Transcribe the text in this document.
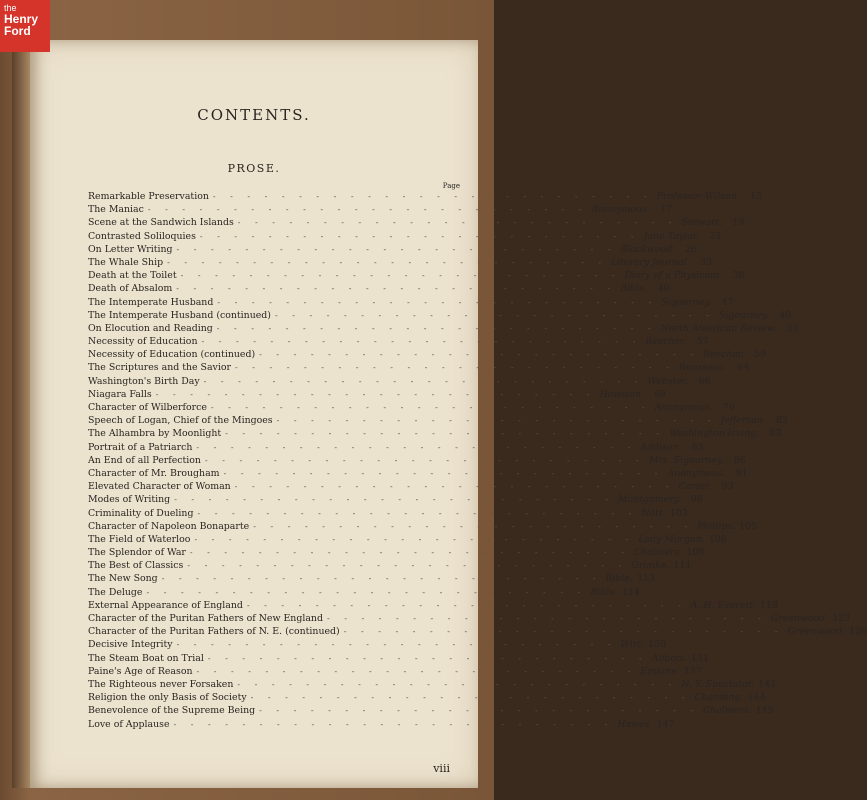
CONTENTS.
PROSE.
Page
Remarkable Preservation - - - - - - - - - - - - - - - - - - - - - - - - - - Professor Wilson.	13
The Maniac - - - - - - - - - - - - - - - - - - - - - - - - - - Anonymous.	17
Scene at the Sandwich Islands - - - - - - - - - - - - - - - - - - - - - - - - - - Stewart.	19
Contrasted Soliloquies - - - - - - - - - - - - - - - - - - - - - - - - - - Jane Taylor.	23
On Letter Writing - - - - - - - - - - - - - - - - - - - - - - - - - - Blackwood.	26
The Whale Ship - - - - - - - - - - - - - - - - - - - - - - - - - - Literary Journal.	33
Death at the Toilet - - - - - - - - - - - - - - - - - - - - - - - - - - Diary of a Physician.	38
Death of Absalom - - - - - - - - - - - - - - - - - - - - - - - - - - Bible.	40
The Intemperate Husband - - - - - - - - - - - - - - - - - - - - - - - - - - Sigourney.	47
The Intemperate Husband (continued) - - - - - - - - - - - - - - - - - - - - - - - - - - Sigourney.	49
On Elocution and Reading - - - - - - - - - - - - - - - - - - - - - - - - - - North American Review.	55
Necessity of Education - - - - - - - - - - - - - - - - - - - - - - - - - - Beecher.	57
Necessity of Education (continued) - - - - - - - - - - - - - - - - - - - - - - - - - - Beecher.	59
The Scriptures and the Savior - - - - - - - - - - - - - - - - - - - - - - - - - - Rousseau.	64
Washington's Birth Day - - - - - - - - - - - - - - - - - - - - - - - - - - Webster.	66
Niagara Falls - - - - - - - - - - - - - - - - - - - - - - - - - - Howison.	69
Character of Wilberforce - - - - - - - - - - - - - - - - - - - - - - - - - - Anonymous.	76
Speech of Logan, Chief of the Mingoes - - - - - - - - - - - - - - - - - - - - - - - - - - Jefferson.	82
The Alhambra by Moonlight - - - - - - - - - - - - - - - - - - - - - - - - - - Washington Irving.	83
Portrait of a Patriarch - - - - - - - - - - - - - - - - - - - - - - - - - - Addison.	85
An End of all Perfection - - - - - - - - - - - - - - - - - - - - - - - - - - Mrs. Sigourney.	86
Character of Mr. Brougham - - - - - - - - - - - - - - - - - - - - - - - - - - Anonymous.	91
Elevated Character of Woman - - - - - - - - - - - - - - - - - - - - - - - - - - Carter.	93
Modes of Writing - - - - - - - - - - - - - - - - - - - - - - - - - - Montgomery.	98
Criminality of Dueling - - - - - - - - - - - - - - - - - - - - - - - - - - Nott. 103
Character of Napoleon Bonaparte - - - - - - - - - - - - - - - - - - - - - - - - - - Phillips. 105
The Field of Waterloo - - - - - - - - - - - - - - - - - - - - - - - - - - Lady Morgan. 108
The Splendor of War - - - - - - - - - - - - - - - - - - - - - - - - - - Chalmers. 109
The Best of Classics - - - - - - - - - - - - - - - - - - - - - - - - - - Grimke. 111
The New Song - - - - - - - - - - - - - - - - - - - - - - - - - - Bible. 113
The Deluge - - - - - - - - - - - - - - - - - - - - - - - - - - Bible. 114
External Appearance of England - - - - - - - - - - - - - - - - - - - - - - - - - - A. H. Everett. 118
Character of the Puritan Fathers of New England - - - - - - - - - - - - - - - - - - - - - - - - - - Greenwood. 123
Character of the Puritan Fathers of N. E. (continued) - - - - - - - - - - - - - - - - - - - - - - - - - - Greenwood. 126
Decisive Integrity - - - - - - - - - - - - - - - - - - - - - - - - - - Wirt. 130
The Steam Boat on Trial - - - - - - - - - - - - - - - - - - - - - - - - - - Abbott. 131
Paine's Age of Reason - - - - - - - - - - - - - - - - - - - - - - - - - - Erskine. 137
The Righteous never Forsaken - - - - - - - - - - - - - - - - - - - - - - - - - - N. Y. Spectator. 141
Religion the only Basis of Society - - - - - - - - - - - - - - - - - - - - - - - - - - Channing. 144
Benevolence of the Supreme Being - - - - - - - - - - - - - - - - - - - - - - - - - - Chalmers. 145
Love of Applause - - - - - - - - - - - - - - - - - - - - - - - - - - Hawes. 147
viii
the
Henry
Ford
